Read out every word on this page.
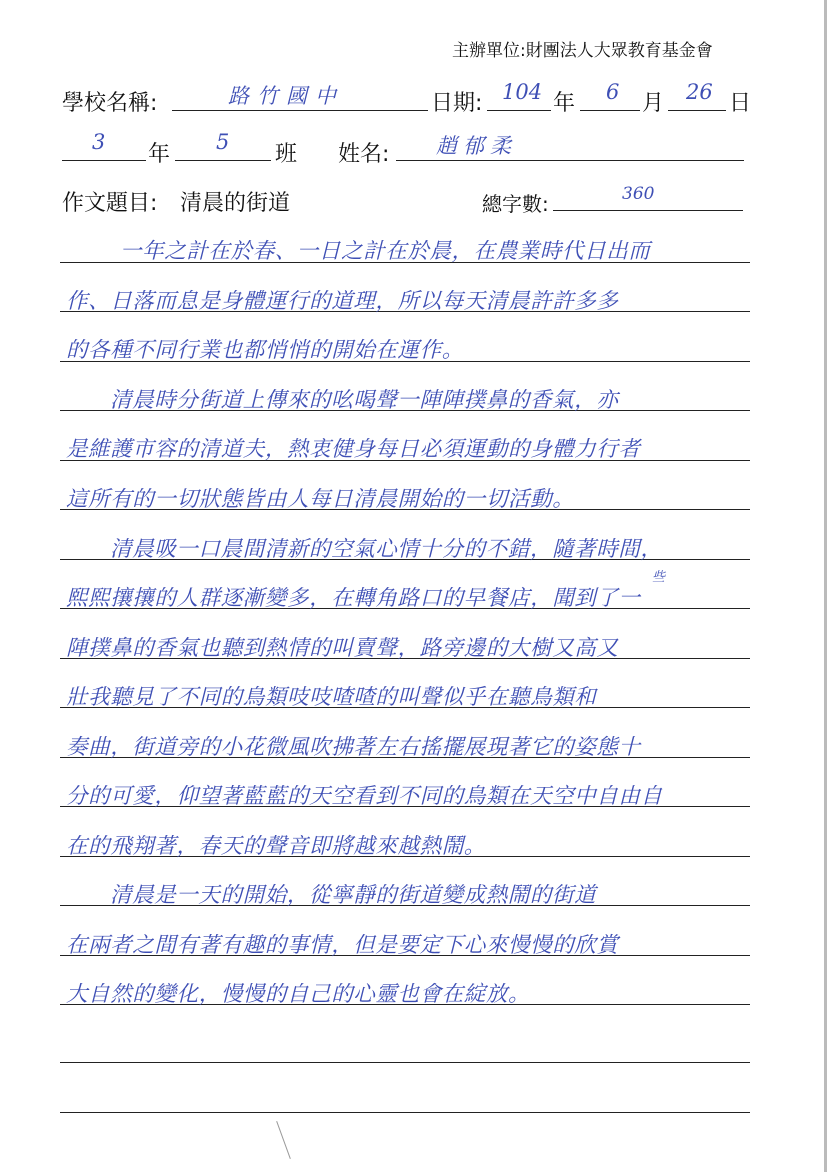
主辦單位:財團法人大眾教育基金會
學校名稱:	路竹國中	日期: 104 年 6 月 26 日
3 年 5 班 姓名: 趙郁柔
作文題目: 清晨的街道	總字數:	360
一年之計在於春、一日之計在於晨，在農業時代日出而
作、日落而息是身體運行的道理，所以每天清晨許許多多
的各種不同行業也都悄悄的開始在運作。
清晨時分街道上傳來的吆喝聲一陣陣撲鼻的香氣，亦
是維護市容的清道夫，熱衷健身每日必須運動的身體力行者
這所有的一切狀態皆由人每日清晨開始的一切活動。
清晨吸一口晨間清新的空氣心情十分的不錯，隨著時間，
些
熙熙攘攘的人群逐漸變多，在轉角路口的早餐店，聞到了一
陣撲鼻的香氣也聽到熱情的叫賣聲，路旁邊的大樹又高又
壯我聽見了不同的鳥類吱吱喳喳的叫聲似乎在聽鳥類和
奏曲，街道旁的小花微風吹拂著左右搖擺展現著它的姿態十
分的可愛，仰望著藍藍的天空看到不同的鳥類在天空中自由自
在的飛翔著，春天的聲音即將越來越熱鬧。
清晨是一天的開始，從寧靜的街道變成熱鬧的街道
在兩者之間有著有趣的事情，但是要定下心來慢慢的欣賞
大自然的變化，慢慢的自己的心靈也會在綻放。
